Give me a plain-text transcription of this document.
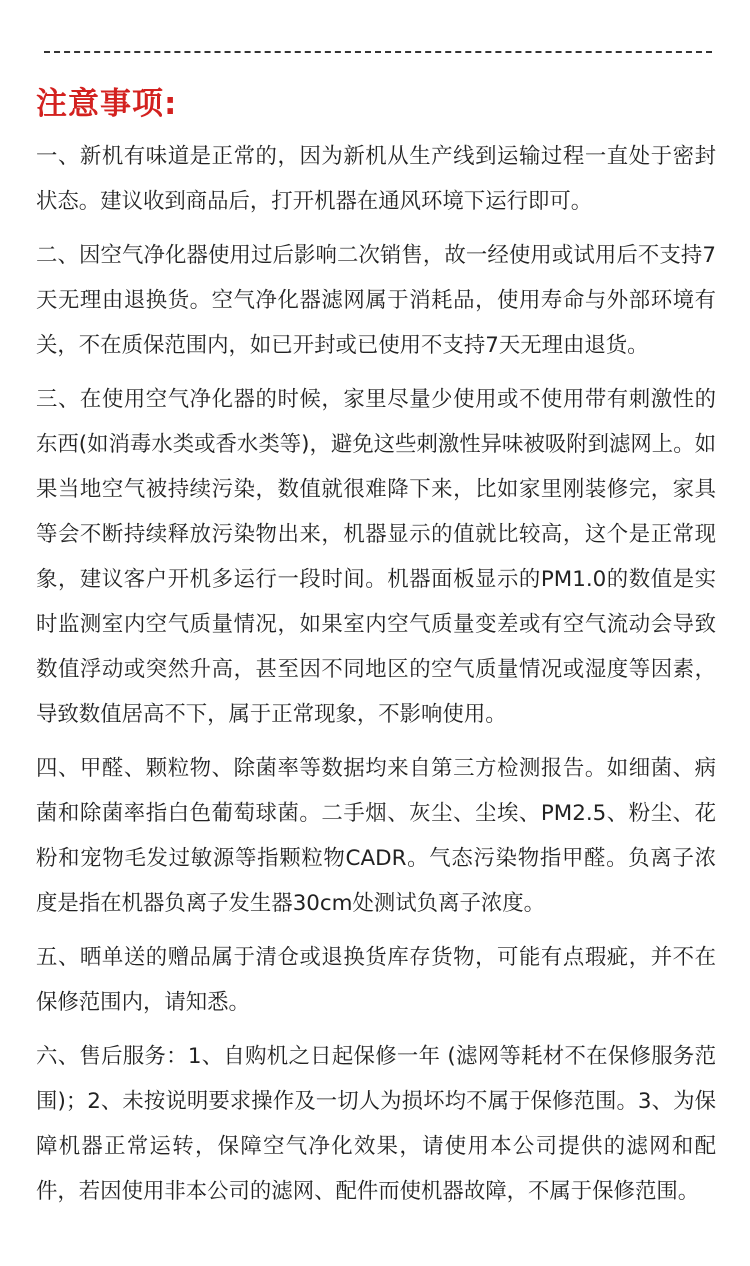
注意事项:

一、新机有味道是正常的，因为新机从生产线到运输过程一直处于密封状态。建议收到商品后，打开机器在通风环境下运行即可。

二、因空气净化器使用过后影响二次销售，故一经使用或试用后不支持7天无理由退换货。空气净化器滤网属于消耗品，使用寿命与外部环境有关，不在质保范围内，如已开封或已使用不支持7天无理由退货。

三、在使用空气净化器的时候，家里尽量少使用或不使用带有刺激性的东西(如消毒水类或香水类等)，避免这些刺激性异味被吸附到滤网上。如果当地空气被持续污染，数值就很难降下来，比如家里刚装修完，家具等会不断持续释放污染物出来，机器显示的值就比较高，这个是正常现象，建议客户开机多运行一段时间。机器面板显示的PM1.0的数值是实时监测室内空气质量情况，如果室内空气质量变差或有空气流动会导致数值浮动或突然升高，甚至因不同地区的空气质量情况或湿度等因素，导致数值居高不下，属于正常现象，不影响使用。

四、甲醛、颗粒物、除菌率等数据均来自第三方检测报告。如细菌、病菌和除菌率指白色葡萄球菌。二手烟、灰尘、尘埃、PM2.5、粉尘、花粉和宠物毛发过敏源等指颗粒物CADR。气态污染物指甲醛。负离子浓度是指在机器负离子发生器30cm处测试负离子浓度。

五、晒单送的赠品属于清仓或退换货库存货物，可能有点瑕疵，并不在保修范围内，请知悉。

六、售后服务：1、自购机之日起保修一年 (滤网等耗材不在保修服务范围)；2、未按说明要求操作及一切人为损坏均不属于保修范围。3、为保障机器正常运转，保障空气净化效果，请使用本公司提供的滤网和配件，若因使用非本公司的滤网、配件而使机器故障，不属于保修范围。
